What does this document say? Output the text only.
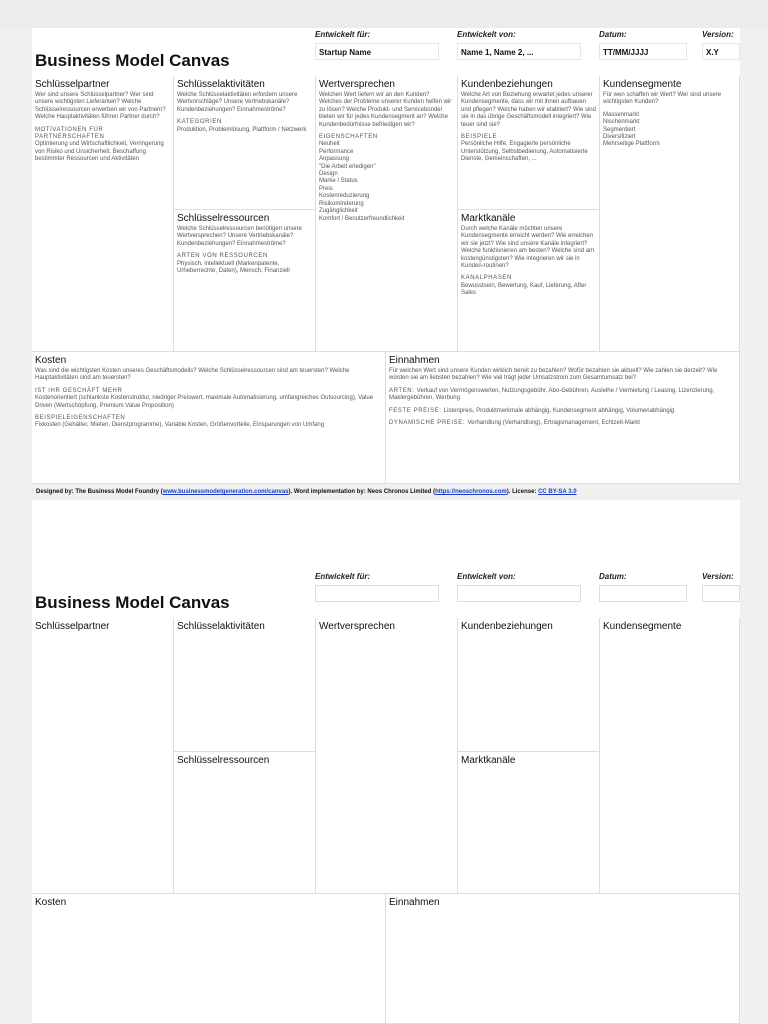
Business Model Canvas
Entwickelt für:
Startup Name
Entwickelt von:
Name 1, Name 2, ...
Datum:
TT/MM/JJJJ
Version:
X.Y
Schlüsselpartner
Wer sind unsere Schlüsselpartner? Wer sind unsere wichtigsten Lieferanten? Welche Schlüsselressourcen erwerben wir von Partnern? Welche Hauptaktivitäten führen Partner durch?
MOTIVATIONEN FÜR PARTNERSCHAFTEN
Optimierung und Wirtschaftlichkeit, Verringerung von Risiko und Unsicherheit, Beschaffung bestimmter Ressourcen und Aktivitäten
Schlüsselaktivitäten
Welche Schlüsselaktivitäten erfordern unsere Wertvorschläge? Unsere Vertriebskanäle? Kundenbeziehungen? Einnahmeströme?
KATEGORIEN
Produktion, Problemlösung, Plattform / Netzwerk
Schlüsselressourcen
Welche Schlüsselressourcen benötigen unsere Wertversprechen? Unsere Vertriebskanäle? Kundenbeziehungen? Einnahmeströme?
ARTEN VON RESSOURCEN
Physisch, intellektuell (Markenpatente, Urheberrechte, Daten), Mensch, Finanziell
Wertversprechen
Welchen Wert liefern wir an den Kunden? Welches der Probleme unserer Kunden helfen wir zu lösen? Welche Produkt- und Servicebündel bieten wir für jedes Kundensegment an? Welche Kundenbedürfnisse befriedigen wir?
EIGENSCHAFTEN
Neuheit
Performance
Anpassung
"Die Arbeit erledigen"
Design
Marke / Status
Preis
Kostenreduzierung
Risikominderung
Zugänglichkeit
Komfort / Benutzerfreundlichkeit
Kundenbeziehungen
Welche Art von Beziehung erwartet jedes unserer Kundensegmente, dass wir mit ihnen aufbauen und pflegen? Welche haben wir etabliert? Wie sind sie in das übrige Geschäftsmodell integriert? Wie teuer sind sie?
BEISPIELE
Persönliche Hilfe, Engagierte persönliche Unterstützung, Selbstbedienung, Automatisierte Dienste, Gemeinschaften, ...
Marktkanäle
Durch welche Kanäle möchten unsere Kundensegmente erreicht werden? Wie erreichen wir sie jetzt? Wie sind unsere Kanäle integriert? Welche funktionieren am besten? Welche sind am kostengünstigsten? Wie integrieren wir sie in Kunden-routinen?
KANALPHASEN
Bewusstsein, Bewertung, Kauf, Lieferung, After Sales
Kundensegmente
Für wen schaffen wir Wert? Wer sind unsere wichtigsten Kunden?
Massenmarkt
Nischenmarkt
Segmentiert
Diversifiziert
Mehrseitige Plattform
Kosten
Was sind die wichtigsten Kosten unseres Geschäftsmodells? Welche Schlüsselressourcen sind am teuersten? Welche Hauptaktivitäten sind am teuersten?
IST IHR GESCHÄFT MEHR
Kostenorientiert (schlankste Kostenstruktur, niedriger Preiswert, maximale Automatisierung, umfangreiches Outsourcing), Value Driven (Wertschöpfung, Premium Value Proposition)
BEISPIELEIGENSCHAFTEN
Fixkosten (Gehälter, Mieten, Dienstprogramme), Variable Kosten, Größenvorteile, Einsparungen von Umfang
Einnahmen
Für welchen Wert sind unsere Kunden wirklich bereit zu bezahlen? Wofür bezahlen sie aktuell? Wie zahlen sie derzeit? Wie würden sie am liebsten bezahlen? Wie viel trägt jeder Umsatzstrom zum Gesamtumsatz bei?
ARTEN: Verkauf von Vermögenswerten, Nutzungsgebühr, Abo-Gebühren, Ausleihe / Vermietung / Leasing, Lizenzierung, Maklergebühren, Werbung
FESTE PREISE: Listenpreis, Produktmerkmale abhängig, Kundensegment abhängig, Volumenabhängig
DYNAMISCHE PREISE: Verhandlung (Verhandlung), Ertragsmanagement, Echtzeit-Markt
Designed by: The Business Model Foundry (www.businessmodelgeneration.com/canvas). Word implementation by: Neos Chronos Limited (https://neoschronos.com). License: CC BY-SA 3.0
Business Model Canvas
Entwickelt für:	Entwickelt von:	Datum:	Version:
Schlüsselpartner	Schlüsselaktivitäten
Schlüsselressourcen
Wertversprechen	Kundenbeziehungen
Marktkanäle
Kundensegmente
Kosten	Einnahmen
